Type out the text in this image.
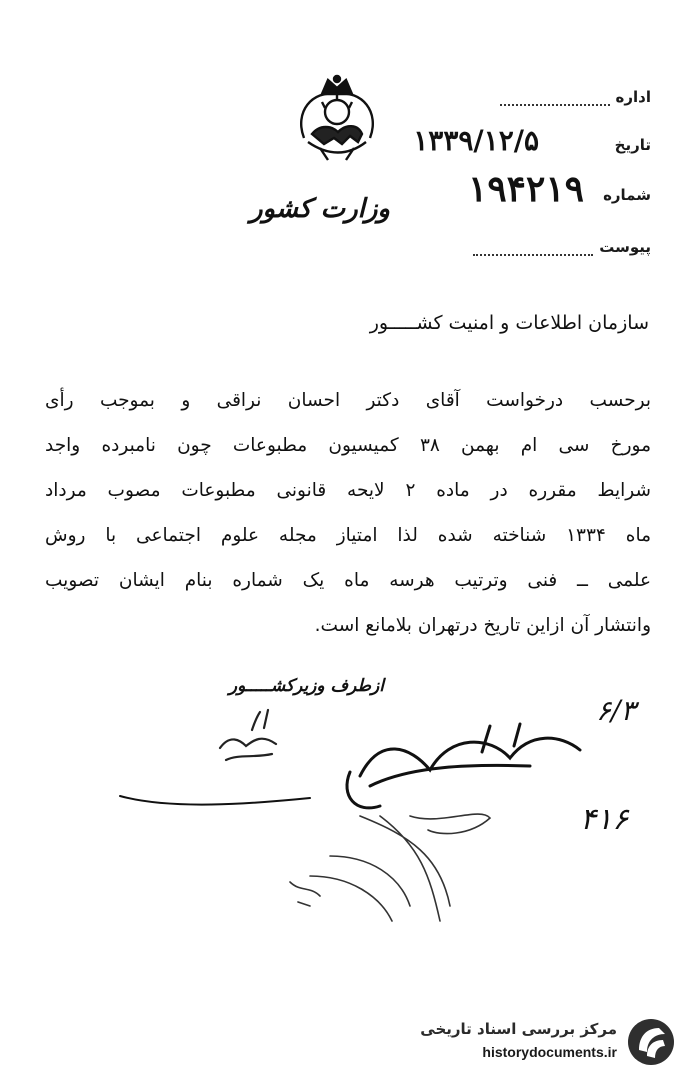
وزارت کشور
اداره
تاریخ
۱۳۳۹/۱۲/۵
شماره
۱۹۴۲۱۹
پیوست
سازمان اطلاعات و امنیت کشـــــور
برحسب درخواست آقای دکتر احسان نراقی و بموجب رأی
مورخ سی ام بهمن ۳۸ کمیسیون مطبوعات چون نامبرده واجد
شرایط مقرره در ماده ۲ لایحه قانونی مطبوعات مصوب مرداد
ماه ۱۳۳۴ شناخته شده لذا امتیاز مجله علوم اجتماعی با روش
علمی ــ فنی وترتیب هرسه ماه یک شماره بنام ایشان تصویب
وانتشار آن ازاین تاریخ درتهران بلامانع است.
ازطرف وزیرکشـــــور
۶/۳
۴۱۶
مرکز بررسی اسناد تاریخی
historydocuments.ir
